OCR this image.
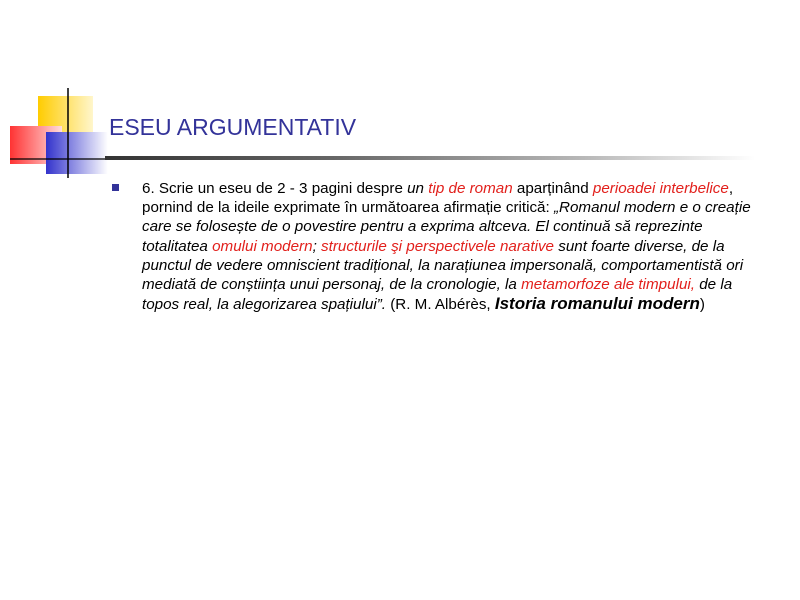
ESEU ARGUMENTATIV
6. Scrie un eseu de 2 - 3 pagini despre un tip de roman aparținând perioadei interbelice, pornind de la ideile exprimate în următoarea afirmație critică: „Romanul modern e o creație care se folosește de o povestire pentru a exprima altceva. El continuă să reprezinte totalitatea omului modern; structurile şi perspectivele narative sunt foarte diverse, de la punctul de vedere omniscient tradițional, la narațiunea impersonală, comportamentistă ori mediată de conștiința unui personaj, de la cronologie, la metamorfoze ale timpului, de la topos real, la alegorizarea spațiului”. (R. M. Albérès, Istoria romanului modern)
